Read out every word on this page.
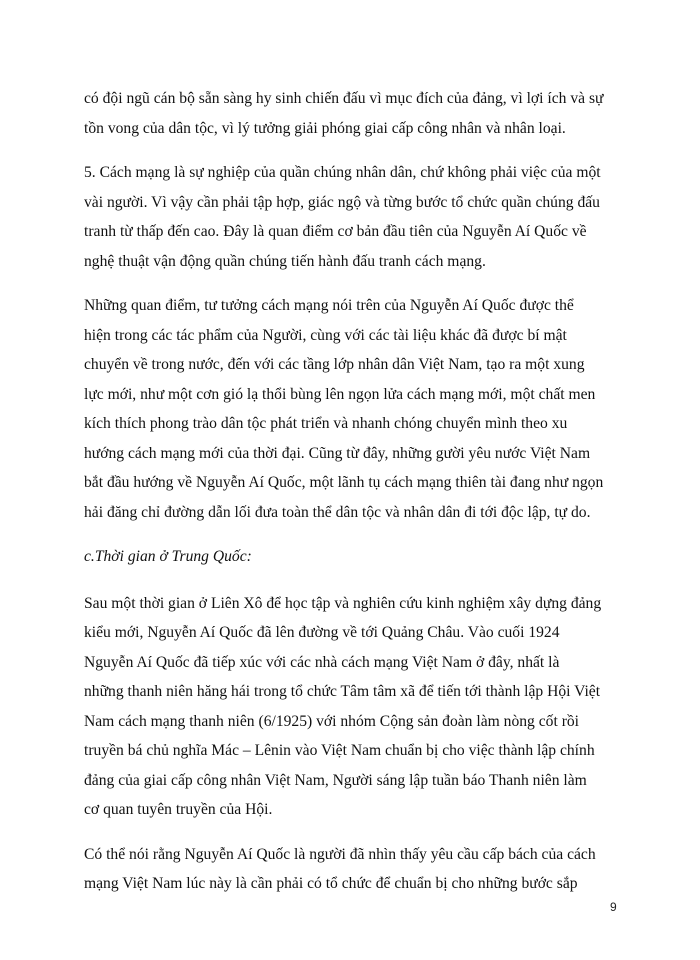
có đội ngũ cán bộ sẵn sàng hy sinh chiến đấu vì mục đích của đảng, vì lợi ích và sự
tồn vong của dân tộc, vì lý tưởng giải phóng giai cấp công nhân và nhân loại.

5. Cách mạng là sự nghiệp của quần chúng nhân dân, chứ không phải việc của một
vài người. Vì vậy cần phải tập hợp, giác ngộ và từng bước tổ chức quần chúng đấu
tranh từ thấp đến cao. Đây là quan điểm cơ bản đầu tiên của Nguyễn Aí Quốc về
nghệ thuật vận động quần chúng tiến hành đấu tranh cách mạng.

Những quan điểm, tư tưởng cách mạng nói trên của Nguyễn Aí Quốc được thể
hiện trong các tác phẩm của Người, cùng với các tài liệu khác đã được bí mật
chuyển về trong nước, đến với các tầng lớp nhân dân Việt Nam, tạo ra một xung
lực mới, như một cơn gió lạ thổi bùng lên ngọn lửa cách mạng mới, một chất men
kích thích phong trào dân tộc phát triển và nhanh chóng chuyển mình theo xu
hướng cách mạng mới của thời đại. Cũng từ đây, những gười yêu nước Việt Nam
bắt đầu hướng về Nguyễn Aí Quốc, một lãnh tụ cách mạng thiên tài đang như ngọn
hải đăng chỉ đường dẫn lối đưa toàn thể dân tộc và nhân dân đi tới độc lập, tự do.

c.Thời gian ở Trung Quốc:

Sau một thời gian ở Liên Xô để học tập và nghiên cứu kinh nghiệm xây dựng đảng
kiểu mới, Nguyễn Aí Quốc đã lên đường về tới Quảng Châu. Vào cuối 1924
Nguyễn Aí Quốc đã tiếp xúc với các nhà cách mạng Việt Nam ở đây, nhất là
những thanh niên hăng hái trong tổ chức Tâm tâm xã để tiến tới thành lập Hội Việt
Nam cách mạng thanh niên (6/1925) với nhóm Cộng sản đoàn làm nòng cốt rồi
truyền bá chủ nghĩa Mác – Lênin vào Việt Nam chuẩn bị cho việc thành lập chính
đảng của giai cấp công nhân Việt Nam, Người sáng lập tuần báo Thanh niên làm
cơ quan tuyên truyền của Hội.

Có thể nói rằng Nguyễn Aí Quốc là người đã nhìn thấy yêu cầu cấp bách của cách
mạng Việt Nam lúc này là cần phải có tổ chức để chuẩn bị cho những bước sắp

9
